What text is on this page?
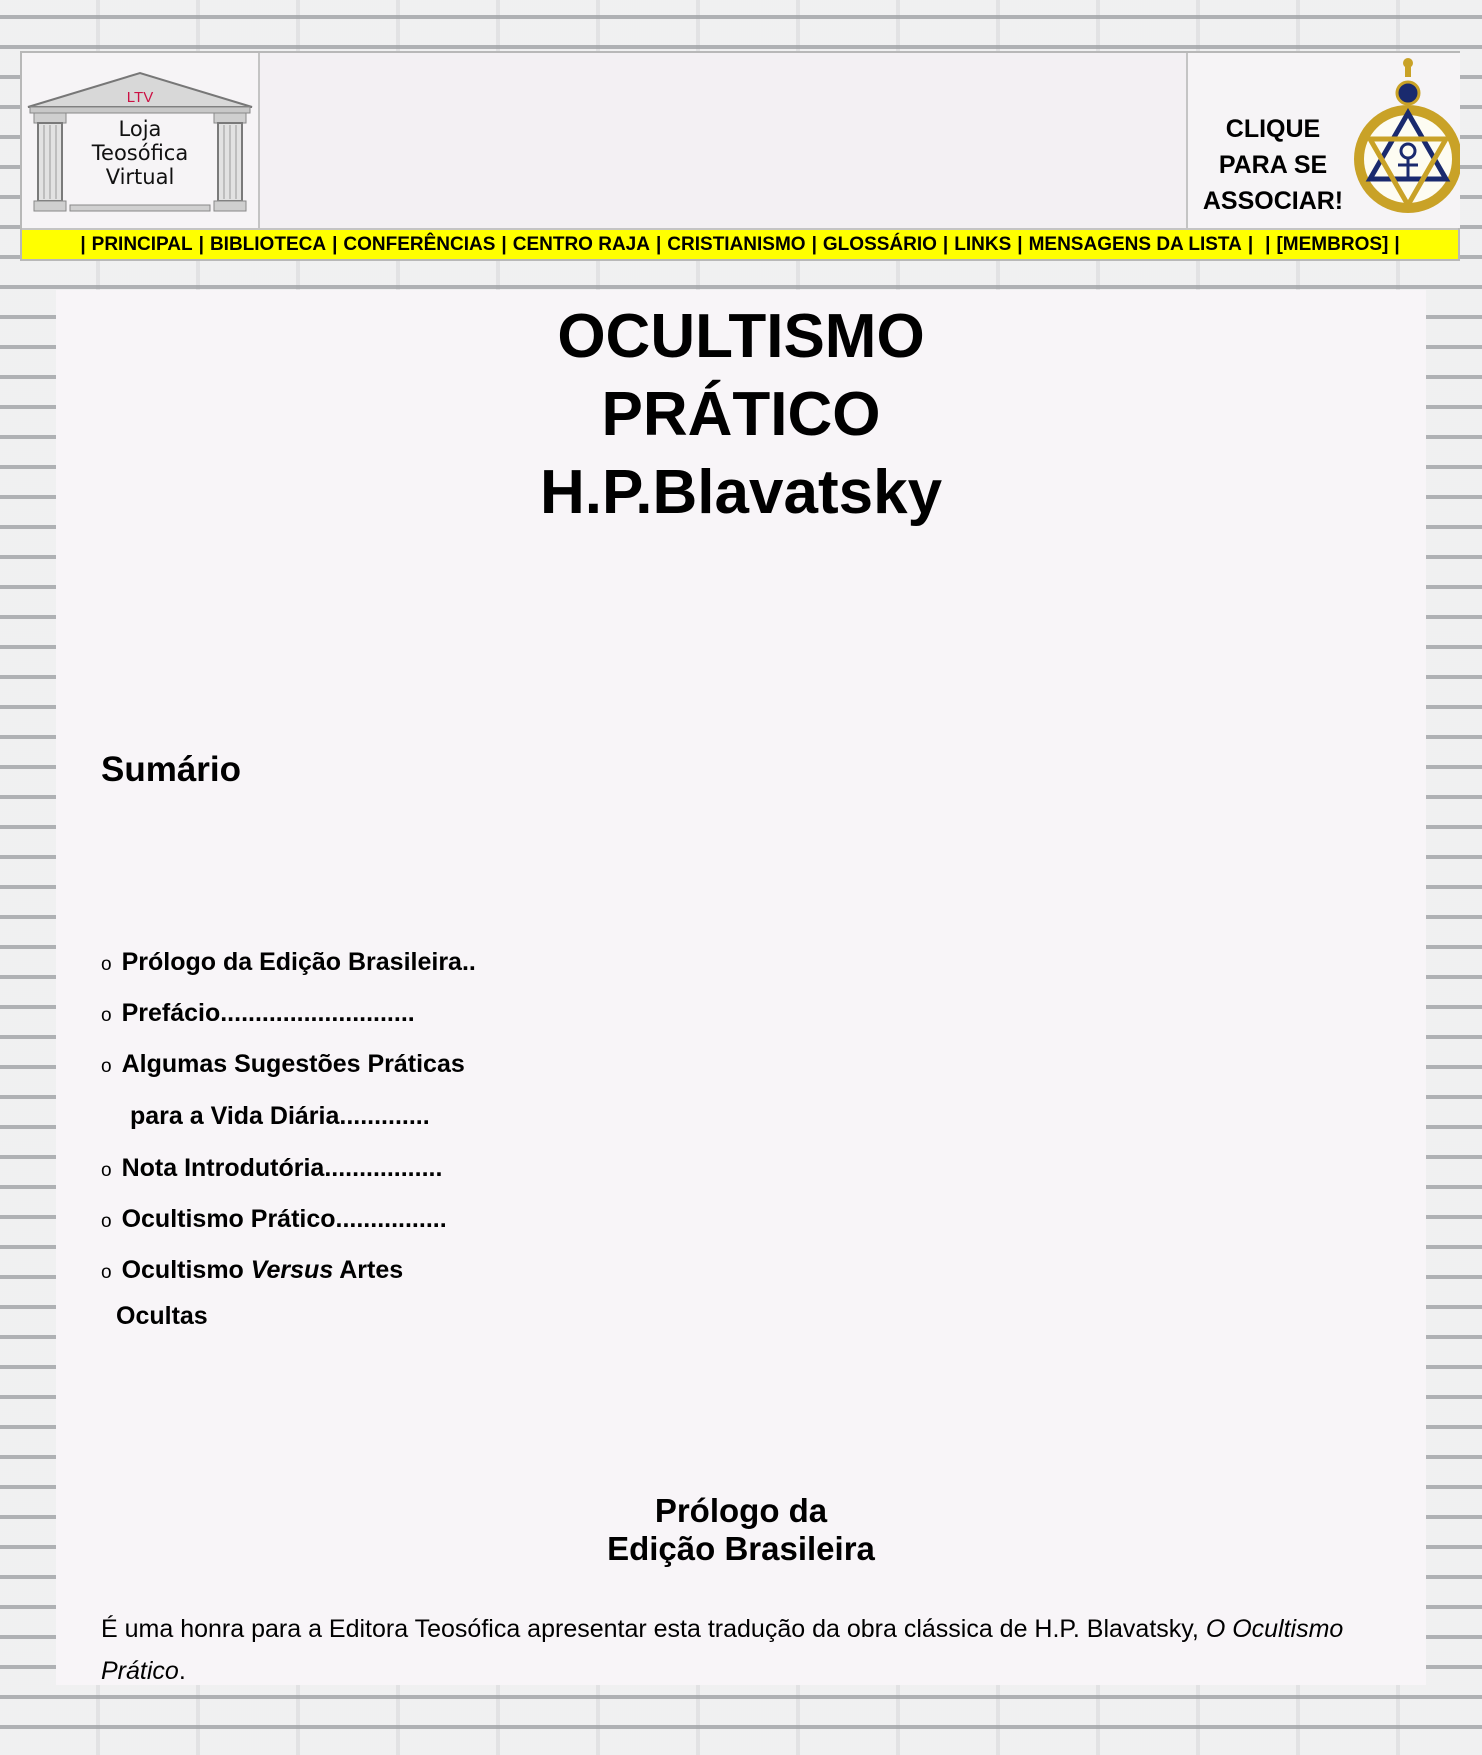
LTV
Loja
Teosófica
Virtual
CLIQUE
PARA SE
ASSOCIAR!
| PRINCIPAL | BIBLIOTECA | CONFERÊNCIAS | CENTRO RAJA | CRISTIANISMO | GLOSSÁRIO | LINKS | MENSAGENS DA LISTA | | [MEMBROS] |
OCULTISMO
PRÁTICO
H.P.Blavatsky
Sumário
o Prólogo da Edição Brasileira..
o Prefácio............................
o Algumas Sugestões Práticas
para a Vida Diária.............
o Nota Introdutória.................
o Ocultismo Prático................
o Ocultismo Versus Artes
Ocultas
Prólogo da
Edição Brasileira
É uma honra para a Editora Teosófica apresentar esta tradução da obra clássica de H.P. Blavatsky, O Ocultismo Prático.
